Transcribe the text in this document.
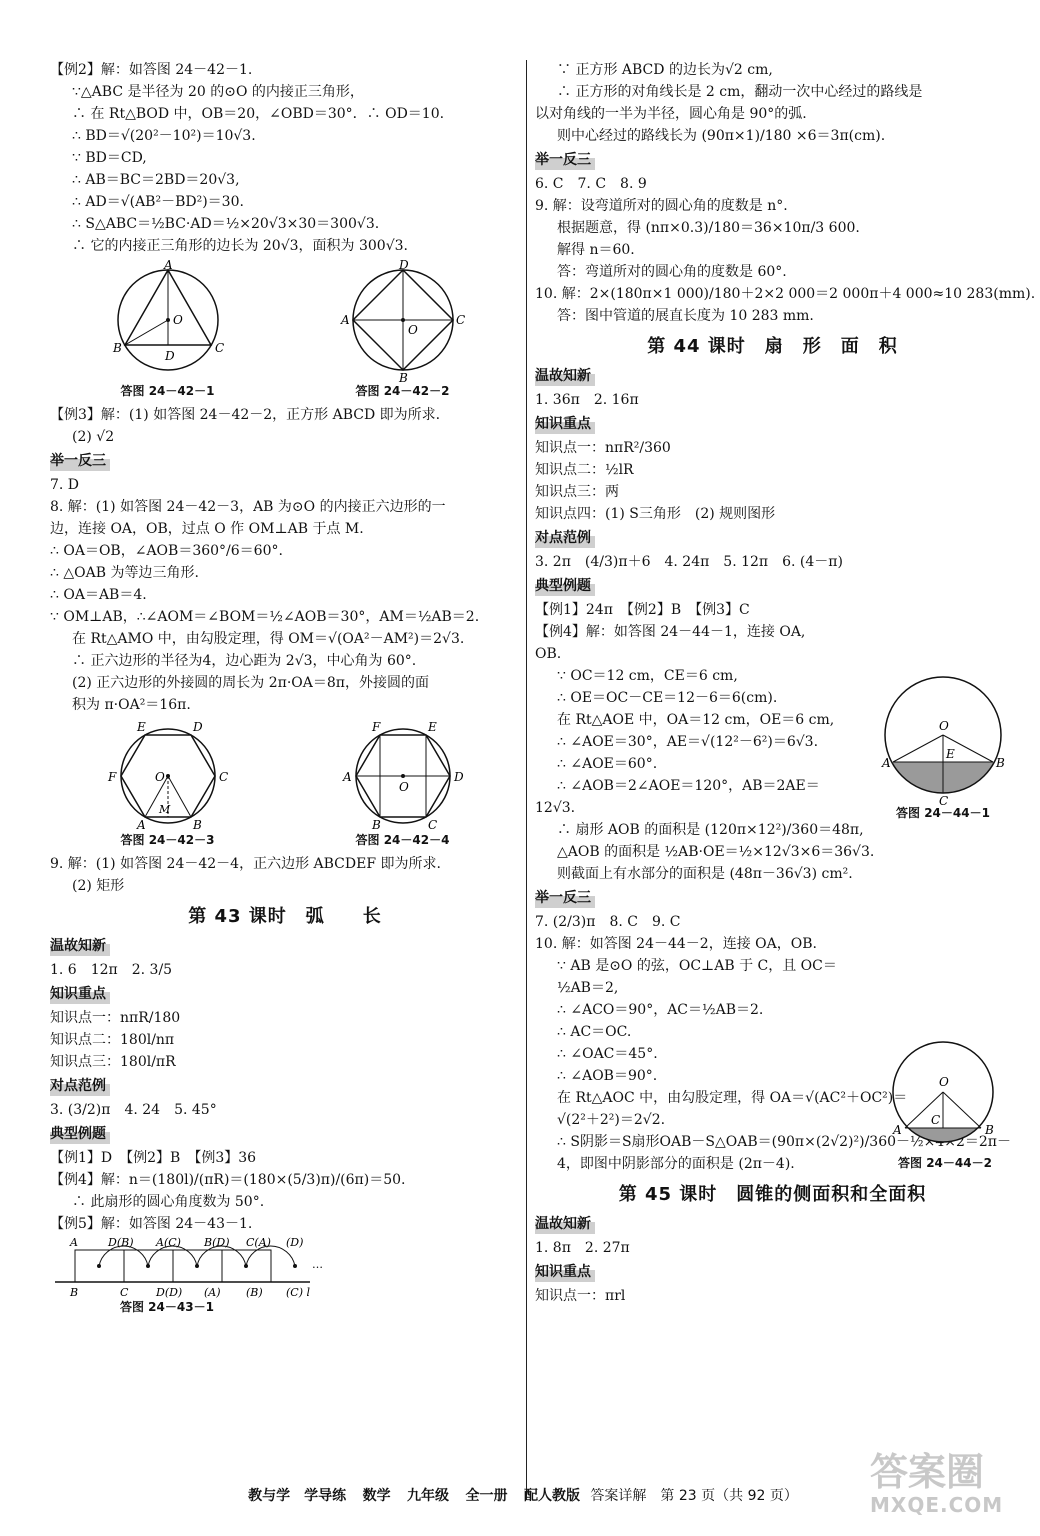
【例2】解：如答图 24－42－1.
∵△ABC 是半径为 20 的⊙O 的内接正三角形，
∴ 在 Rt△BOD 中，OB＝20，∠OBD＝30°．∴ OD＝10.
∴ BD＝√(20²－10²)＝10√3.
∵ BD＝CD,
∴ AB＝BC＝2BD＝20√3,
∴ AD＝√(AB²－BD²)＝30.
∴ S△ABC＝½BC·AD＝½×20√3×30＝300√3.
∴ 它的内接正三角形的边长为 20√3，面积为 300√3.
A
B	C
D
O
答图 24－42－1
D
A	C
B
O
答图 24－42－2
【例3】解：(1) 如答图 24－42－2，正方形 ABCD 即为所求.
(2) √2
举一反三
7. D
8. 解：(1) 如答图 24－42－3，AB 为⊙O 的内接正六边形的一
边，连接 OA，OB，过点 O 作 OM⊥AB 于点 M.
∴ OA＝OB，∠AOB＝360°/6＝60°.
∴ △OAB 为等边三角形.
∴ OA＝AB＝4.
∵ OM⊥AB，∴∠AOM＝∠BOM＝½∠AOB＝30°，AM＝½AB＝2.
在 Rt△AMO 中，由勾股定理，得 OM＝√(OA²－AM²)＝2√3.
∴ 正六边形的半径为4，边心距为 2√3，中心角为 60°.
(2) 正六边形的外接圆的周长为 2π·OA＝8π，外接圆的面
积为 π·OA²＝16π.
E	D
F	C
A	B
O
M
答图 24－42－3
F	E
A	D
B	C
O
答图 24－42－4
9. 解：(1) 如答图 24－42－4，正六边形 ABCDEF 即为所求.
(2) 矩形
第 43 课时　弧　　长
温故知新
1. 6　12π　2. 3/5
知识重点
知识点一：nπR/180
知识点二：180l/nπ
知识点三：180l/πR
对点范例
3. (3/2)π　4. 24　5. 45°
典型例题
【例1】D　【例2】B　【例3】36
【例4】解：n＝(180l)/(πR)＝(180×(5/3)π)/(6π)＝50.
∴ 此扇形的圆心角度数为 50°.
【例5】解：如答图 24－43－1.
A	D(B) A(C) B(D) C(A) (D)
B	C	D(D) (A) (B) (C) l
…
答图 24－43－1
∵ 正方形 ABCD 的边长为√2 cm,
∴ 正方形的对角线长是 2 cm，翻动一次中心经过的路线是
以对角线的一半为半径，圆心角是 90°的弧.
则中心经过的路线长为 (90π×1)/180 ×6＝3π(cm).
举一反三
6. C　7. C　8. 9
9. 解：设弯道所对的圆心角的度数是 n°.
根据题意，得 (nπ×0.3)/180＝36×10π/3 600.
解得 n＝60.
答：弯道所对的圆心角的度数是 60°.
10. 解：2×(180π×1 000)/180＋2×2 000＝2 000π＋4 000≈10 283(mm).
答：图中管道的展直长度为 10 283 mm.
第 44 课时　扇　形　面　积
温故知新
1. 36π　2. 16π
知识重点
知识点一：nπR²/360
知识点二：½lR
知识点三：两
知识点四：(1) S三角形　(2) 规则图形
对点范例
3. 2π　(4/3)π＋6　4. 24π　5. 12π　6. (4－π)
典型例题
【例1】24π　【例2】B　【例3】C
【例4】解：如答图 24－44－1，连接 OA,
OB.
∵ OC＝12 cm，CE＝6 cm,
∴ OE＝OC－CE＝12－6＝6(cm).
在 Rt△AOE 中，OA＝12 cm，OE＝6 cm,
∴ ∠AOE＝30°，AE＝√(12²－6²)＝6√3.
∴ ∠AOE＝60°.
∴ ∠AOB＝2∠AOE＝120°，AB＝2AE＝
12√3.
∴ 扇形 AOB 的面积是 (120π×12²)/360＝48π,
△AOB 的面积是 ½AB·OE＝½×12√3×6＝36√3.
则截面上有水部分的面积是 (48π－36√3) cm².
举一反三
7. (2/3)π　8. C　9. C
10. 解：如答图 24－44－2，连接 OA，OB.
∵ AB 是⊙O 的弦，OC⊥AB 于 C，且 OC＝
½AB＝2,
∴ ∠ACO＝90°，AC＝½AB＝2.
∴ AC＝OC.
∴ ∠OAC＝45°.
∴ ∠AOB＝90°.
在 Rt△AOC 中，由勾股定理，得 OA＝√(AC²＋OC²)＝
√(2²＋2²)＝2√2.
∴ S阴影＝S扇形OAB－S△OAB＝(90π×(2√2)²)/360－½×4×2＝2π－
4，即图中阴影部分的面积是 (2π－4).
第 45 课时　圆锥的侧面积和全面积
温故知新
1. 8π　2. 27π
知识重点
知识点一：πrl
O
E
A	B
C
答图 24－44－1
O
C
A	B
答图 24－44－2
教与学　学导练 数学 九年级 全一册 配人教版 答案详解　第 23 页（共 92 页）
答案圈
MXQE.COM
